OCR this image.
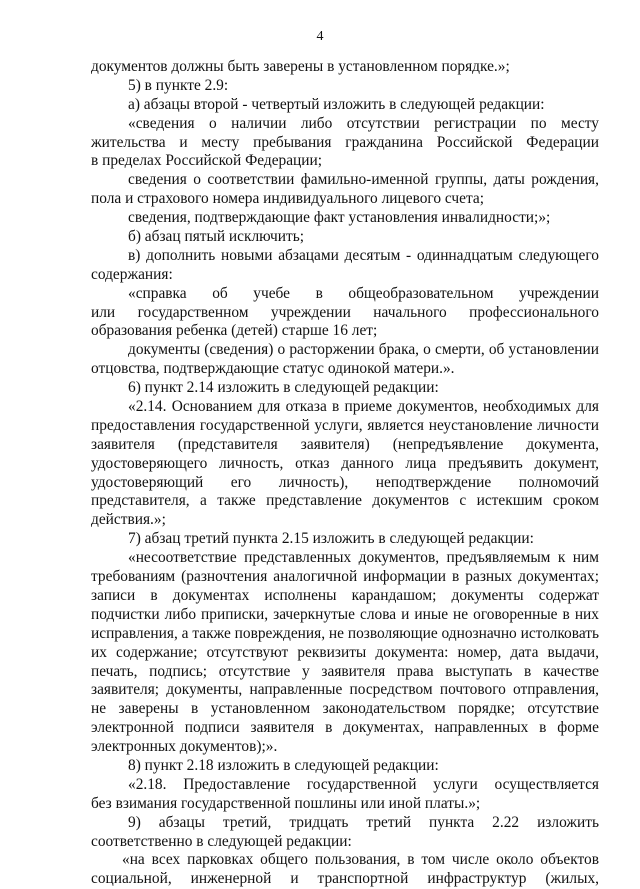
4
документов должны быть заверены в установленном порядке.»;
5) в пункте 2.9:
а) абзацы второй - четвертый изложить в следующей редакции:
«сведения о наличии либо отсутствии регистрации по месту
жительства и месту пребывания гражданина Российской Федерации
в пределах Российской Федерации;
сведения о соответствии фамильно-именной группы, даты рождения,
пола и страхового номера индивидуального лицевого счета;
сведения, подтверждающие факт установления инвалидности;»;
б) абзац пятый исключить;
в) дополнить новыми абзацами десятым - одиннадцатым следующего
содержания:
«справка об учебе в общеобразовательном учреждении
или государственном учреждении начального профессионального
образования ребенка (детей) старше 16 лет;
документы (сведения) о расторжении брака, о смерти, об установлении
отцовства, подтверждающие статус одинокой матери.».
6) пункт 2.14 изложить в следующей редакции:
«2.14. Основанием для отказа в приеме документов, необходимых для
предоставления государственной услуги, является неустановление личности
заявителя (представителя заявителя) (непредъявление документа,
удостоверяющего личность, отказ данного лица предъявить документ,
удостоверяющий его личность), неподтверждение полномочий
представителя, а также представление документов с истекшим сроком
действия.»;
7) абзац третий пункта 2.15 изложить в следующей редакции:
«несоответствие представленных документов, предъявляемым к ним
требованиям (разночтения аналогичной информации в разных документах;
записи в документах исполнены карандашом; документы содержат
подчистки либо приписки, зачеркнутые слова и иные не оговоренные в них
исправления, а также повреждения, не позволяющие однозначно истолковать
их содержание; отсутствуют реквизиты документа: номер, дата выдачи,
печать, подпись; отсутствие у заявителя права выступать в качестве
заявителя; документы, направленные посредством почтового отправления,
не заверены в установленном законодательством порядке; отсутствие
электронной подписи заявителя в документах, направленных в форме
электронных документов);».
8) пункт 2.18 изложить в следующей редакции:
«2.18. Предоставление государственной услуги осуществляется
без взимания государственной пошлины или иной платы.»;
9) абзацы третий, тридцать третий пункта 2.22 изложить
соответственно в следующей редакции:
«на всех парковках общего пользования, в том числе около объектов
социальной, инженерной и транспортной инфраструктур (жилых,
